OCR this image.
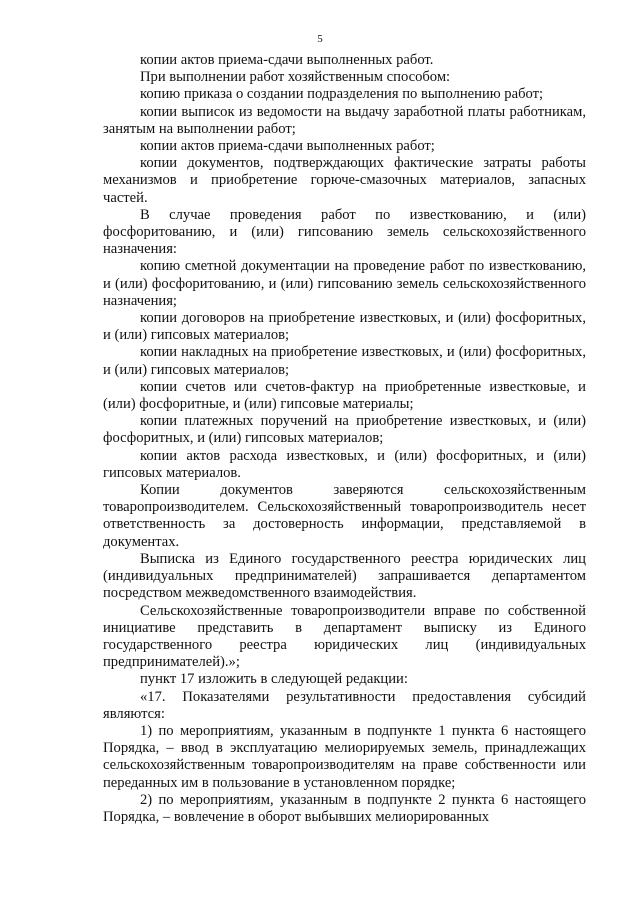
5

копии актов приема-сдачи выполненных работ.

При выполнении работ хозяйственным способом:

копию приказа о создании подразделения по выполнению работ;

копии выписок из ведомости на выдачу заработной платы работникам, занятым на выполнении работ;

копии актов приема-сдачи выполненных работ;

копии документов, подтверждающих фактические затраты работы механизмов и приобретение горюче-смазочных материалов, запасных частей.

В случае проведения работ по известкованию, и (или) фосфоритованию, и (или) гипсованию земель сельскохозяйственного назначения:

копию сметной документации на проведение работ по известкованию, и (или) фосфоритованию, и (или) гипсованию земель сельскохозяйственного назначения;

копии договоров на приобретение известковых, и (или) фосфоритных, и (или) гипсовых материалов;

копии накладных на приобретение известковых, и (или) фосфоритных, и (или) гипсовых материалов;

копии счетов или счетов-фактур на приобретенные известковые, и (или) фосфоритные, и (или) гипсовые материалы;

копии платежных поручений на приобретение известковых, и (или) фосфоритных, и (или) гипсовых материалов;

копии актов расхода известковых, и (или) фосфоритных, и (или) гипсовых материалов.

Копии документов заверяются сельскохозяйственным товаропроизводителем. Сельскохозяйственный товаропроизводитель несет ответственность за достоверность информации, представляемой в документах.

Выписка из Единого государственного реестра юридических лиц (индивидуальных предпринимателей) запрашивается департаментом посредством межведомственного взаимодействия.

Сельскохозяйственные товаропроизводители вправе по собственной инициативе представить в департамент выписку из Единого государственного реестра юридических лиц (индивидуальных предпринимателей).»;

пункт 17 изложить в следующей редакции:

«17. Показателями результативности предоставления субсидий являются:

1) по мероприятиям, указанным в подпункте 1 пункта 6 настоящего Порядка, – ввод в эксплуатацию мелиорируемых земель, принадлежащих сельскохозяйственным товаропроизводителям на праве собственности или переданных им в пользование в установленном порядке;

2) по мероприятиям, указанным в подпункте 2 пункта 6 настоящего Порядка, – вовлечение в оборот выбывших мелиорированных
